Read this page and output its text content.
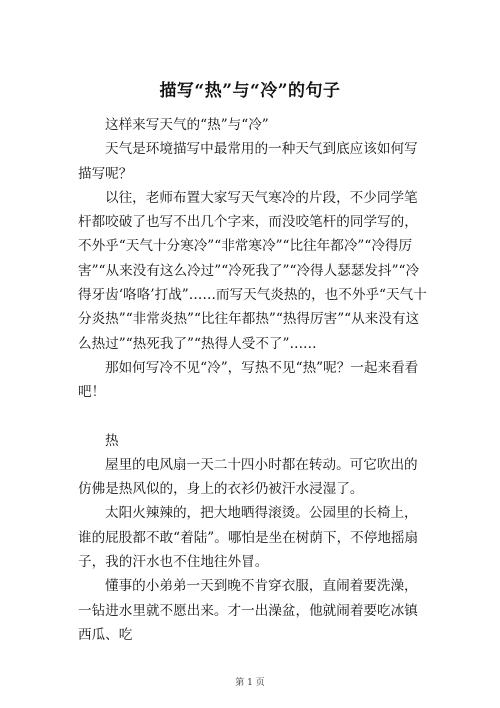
描写“热”与“冷”的句子

这样来写天气的“热”与“冷”

天气是环境描写中最常用的一种天气到底应该如何写描写呢？

以往，老师布置大家写天气寒冷的片段，不少同学笔杆都咬破了也写不出几个字来，而没咬笔杆的同学写的，不外乎“天气十分寒冷”“非常寒冷”“比往年都冷”“冷得厉害”“从来没有这么冷过”“冷死我了”“冷得人瑟瑟发抖”“冷得牙齿‘咯咯’打战”……而写天气炎热的，也不外乎“天气十分炎热”“非常炎热”“比往年都热”“热得厉害”“从来没有这么热过”“热死我了”“热得人受不了”……

那如何写冷不见“冷”，写热不见“热”呢？一起来看看吧！

热

屋里的电风扇一天二十四小时都在转动。可它吹出的仿佛是热风似的，身上的衣衫仍被汗水浸湿了。

太阳火辣辣的，把大地晒得滚烫。公园里的长椅上，谁的屁股都不敢“着陆”。哪怕是坐在树荫下，不停地摇扇子，我的汗水也不住地往外冒。

懂事的小弟弟一天到晚不肯穿衣服，直闹着要洗澡，一钻进水里就不愿出来。才一出澡盆，他就闹着要吃冰镇西瓜、吃

第 1 页
